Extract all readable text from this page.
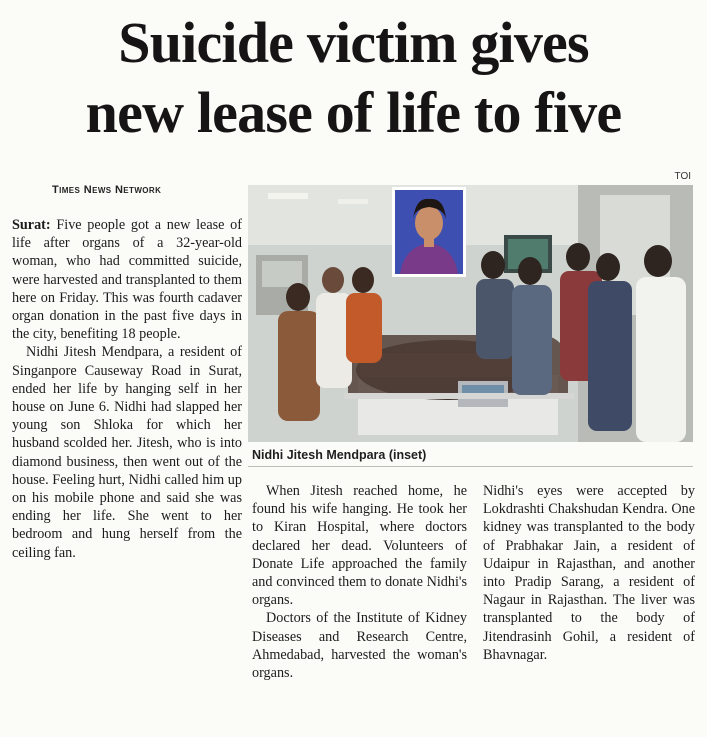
Suicide victim gives
new lease of life to five
Times News Network
TOI

Surat: Five people got a new lease of life after organs of a 32-year-old woman, who had committed suicide, were harvested and transplanted to them here on Friday. This was fourth cadaver organ donation in the past five days in the city, benefiting 18 people.

Nidhi Jitesh Mendpara, a resident of Singanpore Causeway Road in Surat, ended her life by hanging self in her house on June 6. Nidhi had slapped her young son Shloka for which her husband scolded her. Jitesh, who is into diamond business, then went out of the house. Feeling hurt, Nidhi called him up on his mobile phone and said she was ending her life. She went to her bedroom and hung herself from the ceiling fan.

Nidhi Jitesh Mendpara (inset)

When Jitesh reached home, he found his wife hanging. He took her to Kiran Hospital, where doctors declared her dead. Volunteers of Donate Life approached the family and convinced them to donate Nidhi's organs.

Doctors of the Institute of Kidney Diseases and Research Centre, Ahmedabad, harvested the woman's organs.

Nidhi's eyes were accepted by Lokdrashti Chakshudan Kendra. One kidney was transplanted to the body of Prabhakar Jain, a resident of Udaipur in Rajasthan, and another into Pradip Sarang, a resident of Nagaur in Rajasthan. The liver was transplanted to the body of Jitendrasinh Gohil, a resident of Bhavnagar.
